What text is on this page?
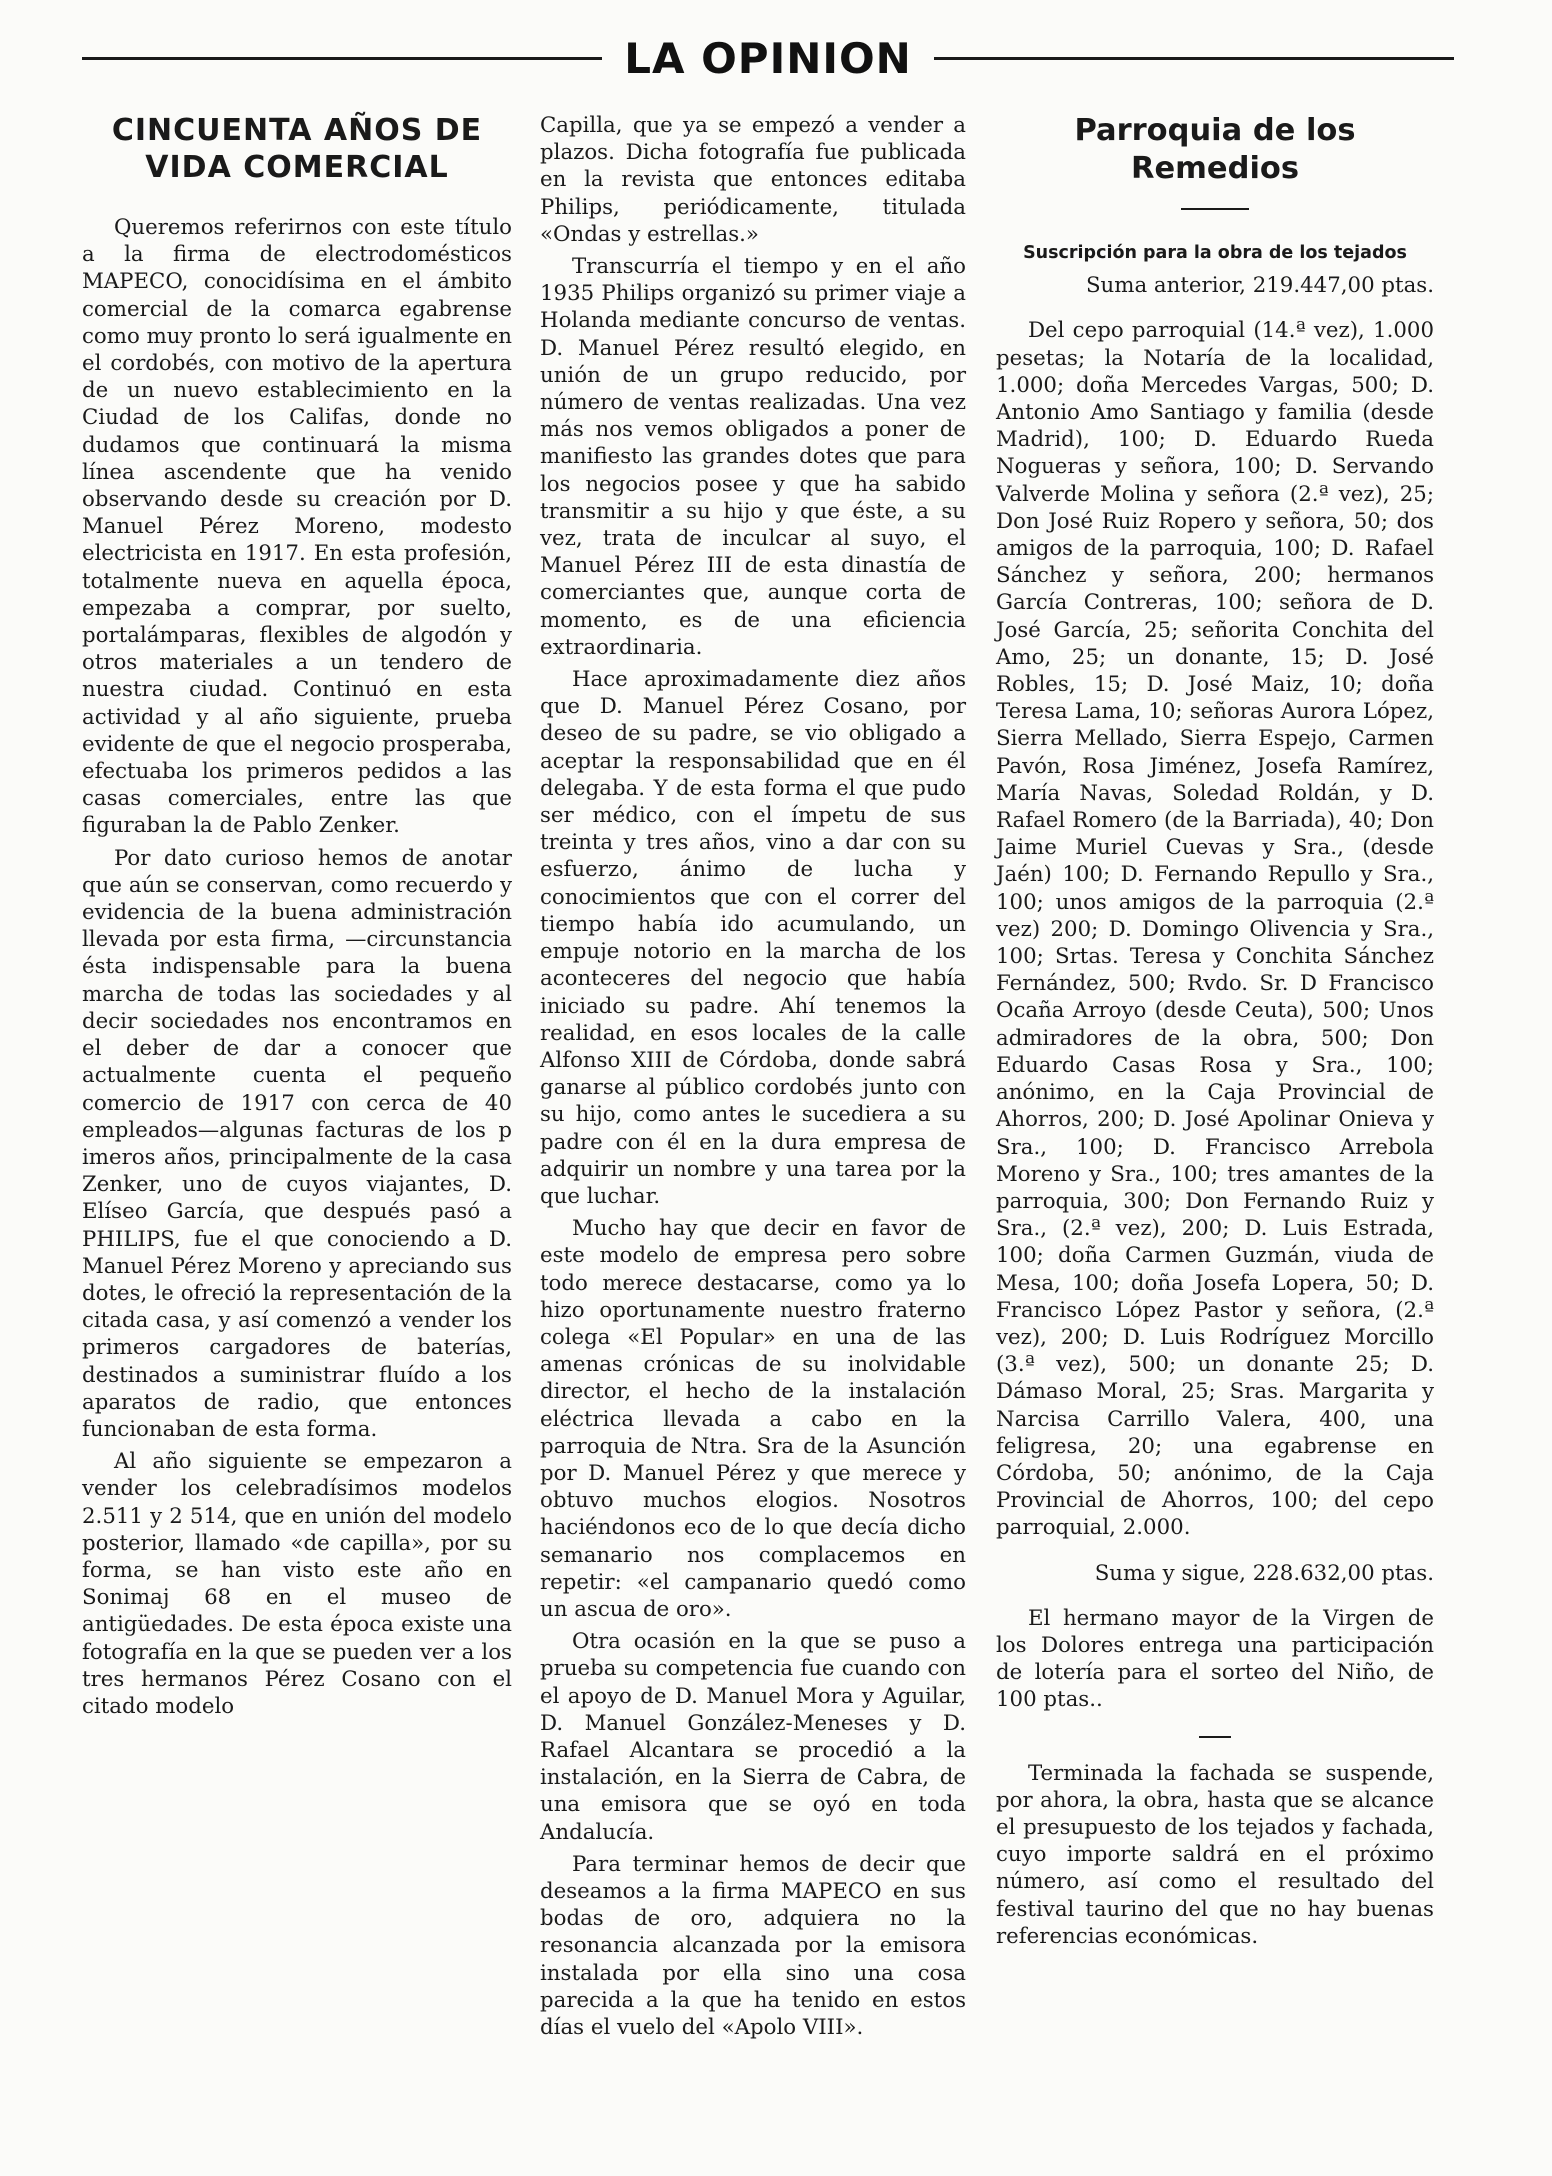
LA OPINION
CINCUENTA AÑOS DE VIDA COMERCIAL

Queremos referirnos con este título a la firma de electrodomésticos MAPECO, conocidísima en el ámbito comercial de la comarca egabrense como muy pronto lo será igualmente en el cordobés, con motivo de la apertura de un nuevo establecimiento en la Ciudad de los Califas, donde no dudamos que continuará la misma línea ascendente que ha venido observando desde su creación por D. Manuel Pérez Moreno, modesto electricista en 1917. En esta profesión, totalmente nueva en aquella época, empezaba a comprar, por suelto, portalámparas, flexibles de algodón y otros materiales a un tendero de nuestra ciudad. Continuó en esta actividad y al año siguiente, prueba evidente de que el negocio prosperaba, efectuaba los primeros pedidos a las casas comerciales, entre las que figuraban la de Pablo Zenker.

Por dato curioso hemos de anotar que aún se conservan, como recuerdo y evidencia de la buena administración llevada por esta firma, —circunstancia ésta indispensable para la buena marcha de todas las sociedades y al decir sociedades nos encontramos en el deber de dar a conocer que actualmente cuenta el pequeño comercio de 1917 con cerca de 40 empleados—algunas facturas de los p imeros años, principalmente de la casa Zenker, uno de cuyos viajantes, D. Elíseo García, que después pasó a PHILIPS, fue el que conociendo a D. Manuel Pérez Moreno y apreciando sus dotes, le ofreció la representación de la citada casa, y así comenzó a vender los primeros cargadores de baterías, destinados a suministrar fluído a los aparatos de radio, que entonces funcionaban de esta forma.

Al año siguiente se empezaron a vender los celebradísimos modelos 2.511 y 2 514, que en unión del modelo posterior, llamado «de capilla», por su forma, se han visto este año en Sonimaj 68 en el museo de antigüedades. De esta época existe una fotografía en la que se pueden ver a los tres hermanos Pérez Cosano con el citado modelo

Capilla, que ya se empezó a vender a plazos. Dicha fotografía fue publicada en la revista que entonces editaba Philips, periódicamente, titulada «Ondas y estrellas.»

Transcurría el tiempo y en el año 1935 Philips organizó su primer viaje a Holanda mediante concurso de ventas. D. Manuel Pérez resultó elegido, en unión de un grupo reducido, por número de ventas realizadas. Una vez más nos vemos obligados a poner de manifiesto las grandes dotes que para los negocios posee y que ha sabido transmitir a su hijo y que éste, a su vez, trata de inculcar al suyo, el Manuel Pérez III de esta dinastía de comerciantes que, aunque corta de momento, es de una eficiencia extraordinaria.

Hace aproximadamente diez años que D. Manuel Pérez Cosano, por deseo de su padre, se vio obligado a aceptar la responsabilidad que en él delegaba. Y de esta forma el que pudo ser médico, con el ímpetu de sus treinta y tres años, vino a dar con su esfuerzo, ánimo de lucha y conocimientos que con el correr del tiempo había ido acumulando, un empuje notorio en la marcha de los aconteceres del negocio que había iniciado su padre. Ahí tenemos la realidad, en esos locales de la calle Alfonso XIII de Córdoba, donde sabrá ganarse al público cordobés junto con su hijo, como antes le sucediera a su padre con él en la dura empresa de adquirir un nombre y una tarea por la que luchar.

Mucho hay que decir en favor de este modelo de empresa pero sobre todo merece destacarse, como ya lo hizo oportunamente nuestro fraterno colega «El Popular» en una de las amenas crónicas de su inolvidable director, el hecho de la instalación eléctrica llevada a cabo en la parroquia de Ntra. Sra de la Asunción por D. Manuel Pérez y que merece y obtuvo muchos elogios. Nosotros haciéndonos eco de lo que decía dicho semanario nos complacemos en repetir: «el campanario quedó como un ascua de oro».

Otra ocasión en la que se puso a prueba su competencia fue cuando con el apoyo de D. Manuel Mora y Aguilar, D. Manuel González-Meneses y D. Rafael Alcantara se procedió a la instalación, en la Sierra de Cabra, de una emisora que se oyó en toda Andalucía.

Para terminar hemos de decir que deseamos a la firma MAPECO en sus bodas de oro, adquiera no la resonancia alcanzada por la emisora instalada por ella sino una cosa parecida a la que ha tenido en estos días el vuelo del «Apolo VIII».

Parroquia de los Remedios

Suscripción para la obra de los tejados

Suma anterior, 219.447,00 ptas.

Del cepo parroquial (14.ª vez), 1.000 pesetas; la Notaría de la localidad, 1.000; doña Mercedes Vargas, 500; D. Antonio Amo Santiago y familia (desde Madrid), 100; D. Eduardo Rueda Nogueras y señora, 100; D. Servando Valverde Molina y señora (2.ª vez), 25; Don José Ruiz Ropero y señora, 50; dos amigos de la parroquia, 100; D. Rafael Sánchez y señora, 200; hermanos García Contreras, 100; señora de D. José García, 25; señorita Conchita del Amo, 25; un donante, 15; D. José Robles, 15; D. José Maiz, 10; doña Teresa Lama, 10; señoras Aurora López, Sierra Mellado, Sierra Espejo, Carmen Pavón, Rosa Jiménez, Josefa Ramírez, María Navas, Soledad Roldán, y D. Rafael Romero (de la Barriada), 40; Don Jaime Muriel Cuevas y Sra., (desde Jaén) 100; D. Fernando Repullo y Sra., 100; unos amigos de la parroquia (2.ª vez) 200; D. Domingo Olivencia y Sra., 100; Srtas. Teresa y Conchita Sánchez Fernández, 500; Rvdo. Sr. D Francisco Ocaña Arroyo (desde Ceuta), 500; Unos admiradores de la obra, 500; Don Eduardo Casas Rosa y Sra., 100; anónimo, en la Caja Provincial de Ahorros, 200; D. José Apolinar Onieva y Sra., 100; D. Francisco Arrebola Moreno y Sra., 100; tres amantes de la parroquia, 300; Don Fernando Ruiz y Sra., (2.ª vez), 200; D. Luis Estrada, 100; doña Carmen Guzmán, viuda de Mesa, 100; doña Josefa Lopera, 50; D. Francisco López Pastor y señora, (2.ª vez), 200; D. Luis Rodríguez Morcillo (3.ª vez), 500; un donante 25; D. Dámaso Moral, 25; Sras. Margarita y Narcisa Carrillo Valera, 400, una feligresa, 20; una egabrense en Córdoba, 50; anónimo, de la Caja Provincial de Ahorros, 100; del cepo parroquial, 2.000.

Suma y sigue, 228.632,00 ptas.

El hermano mayor de la Virgen de los Dolores entrega una participación de lotería para el sorteo del Niño, de 100 ptas..

Terminada la fachada se suspende, por ahora, la obra, hasta que se alcance el presupuesto de los tejados y fachada, cuyo importe saldrá en el próximo número, así como el resultado del festival taurino del que no hay buenas referencias económicas.
